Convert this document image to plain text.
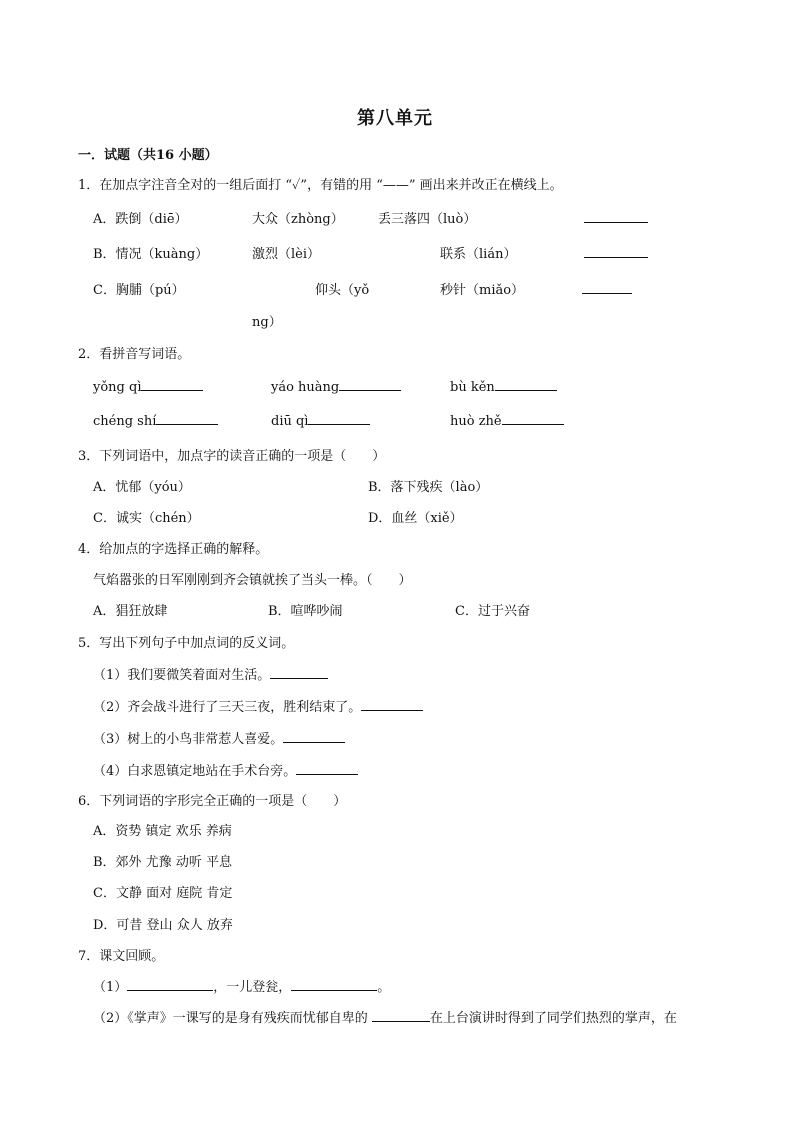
第八单元
一．试题（共16 小题）
1．在加点字注音全对的一组后面打 “✓”，有错的用 “——” 画出来并改正在横线上。
A．跌倒（diē）	大众（zhòng）	丢三落四（luò）
B．情况（kuàng）	激烈（lèi）	联系（lián）
C．胸脯（pú）	仰头（yǒ	秒针（miǎo）
ng）
2．看拼音写词语。
yǒng qì	yáo huàng	bù kěn
chéng shí	diū qì	huò zhě
3．下列词语中，加点字的读音正确的一项是（　　）
A．忧郁（yóu）	B．落下残疾（lào）
C．诚实（chén）	D．血丝（xiě）
4．给加点的字选择正确的解释。
气焰嚣张的日军刚刚到齐会镇就挨了当头一棒。（　　）
A．猖狂放肆	B．喧哗吵闹	C．过于兴奋
5．写出下列句子中加点词的反义词。
（1）我们要微笑着面对生活。
（2）齐会战斗进行了三天三夜，胜利结束了。
（3）树上的小鸟非常惹人喜爱。
（4）白求恩镇定地站在手术台旁。
6．下列词语的字形完全正确的一项是（　　）
A．资势 镇定 欢乐 养病
B．郊外 尤豫 动听 平息
C．文静 面对 庭院 肯定
D．可昔 登山 众人 放弃
7．课文回顾。
（1）	，一儿登瓮，	。
（2）《掌声》一课写的是身有残疾而忧郁自卑的	在上台演讲时得到了同学们热烈的掌声，在
